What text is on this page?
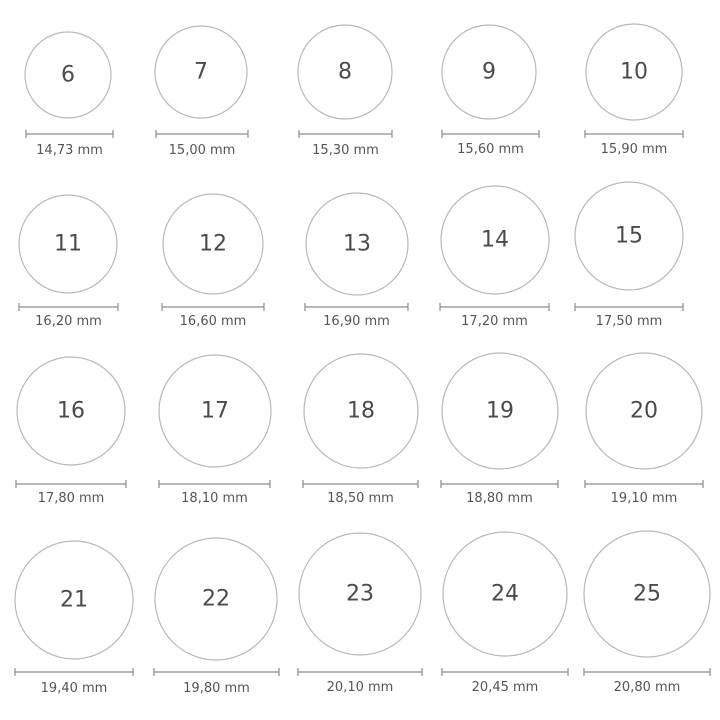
6
14,73 mm
7
15,00 mm
8
15,30 mm
9
15,60 mm
10
15,90 mm
11
16,20 mm
12
16,60 mm
13
16,90 mm
14
17,20 mm
15
17,50 mm
16
17,80 mm
17
18,10 mm
18
18,50 mm
19
18,80 mm
20
19,10 mm
21
19,40 mm
22
19,80 mm
23
20,10 mm
24
20,45 mm
25
20,80 mm
